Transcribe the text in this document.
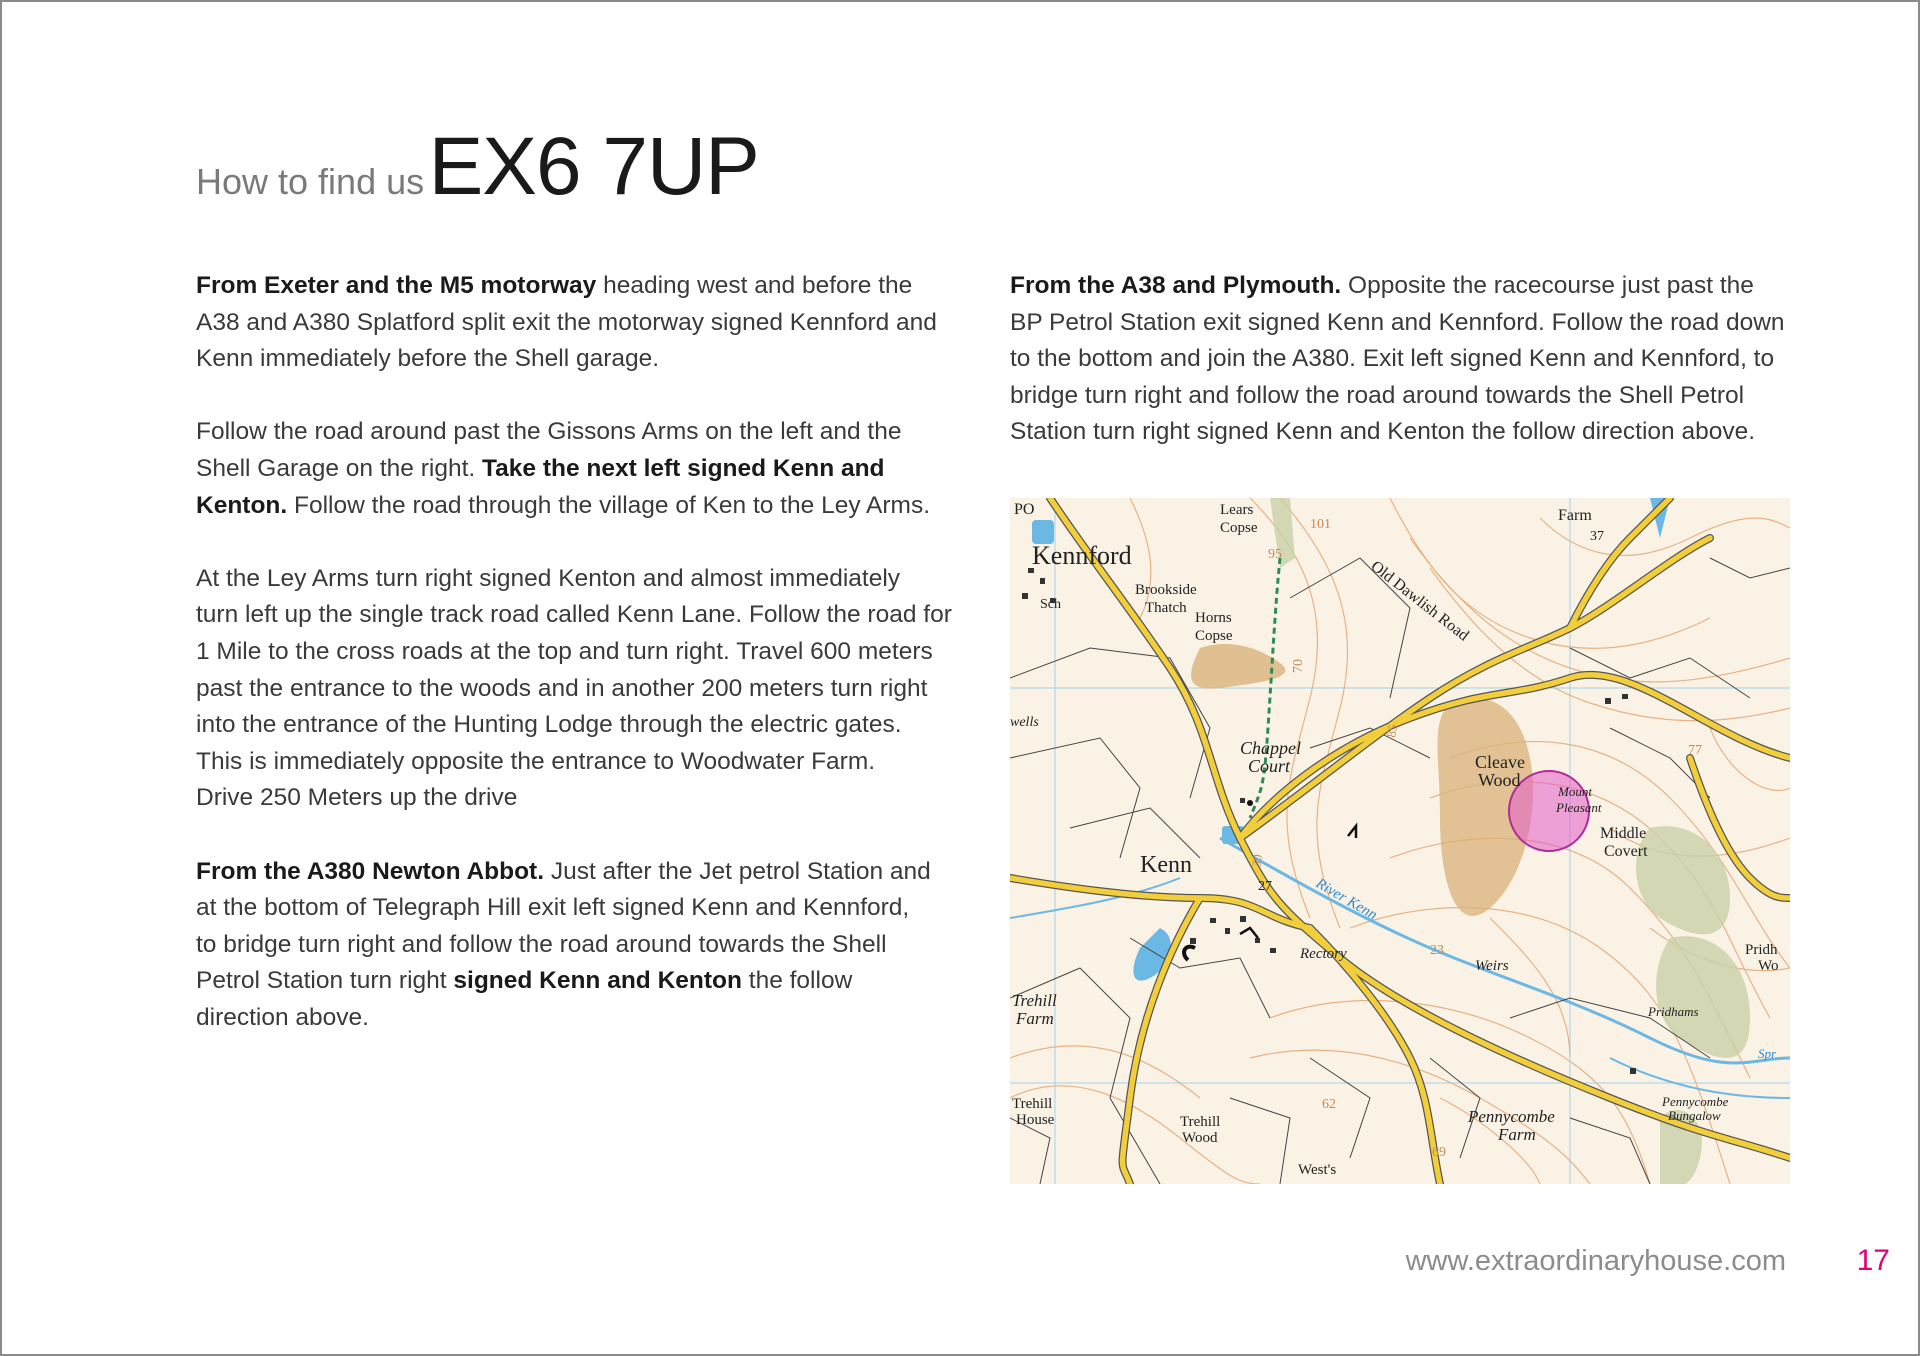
How to find us EX6 7UP

From Exeter and the M5 motorway heading west and before the
A38 and A380 Splatford split exit the motorway signed Kennford and
Kenn immediately before the Shell garage.

Follow the road around past the Gissons Arms on the left and the
Shell Garage on the right. Take the next left signed Kenn and
Kenton. Follow the road through the village of Ken to the Ley Arms.

At the Ley Arms turn right signed Kenton and almost immediately
turn left up the single track road called Kenn Lane. Follow the road for
1 Mile to the cross roads at the top and turn right. Travel 600 meters
past the entrance to the woods and in another 200 meters turn right
into the entrance of the Hunting Lodge through the electric gates.
This is immediately opposite the entrance to Woodwater Farm.
Drive 250 Meters up the drive

From the A380 Newton Abbot. Just after the Jet petrol Station and
at the bottom of Telegraph Hill exit left signed Kenn and Kennford,
to bridge turn right and follow the road around towards the Shell
Petrol Station turn right signed Kenn and Kenton the follow
direction above.

From the A38 and Plymouth. Opposite the racecourse just past the
BP Petrol Station exit signed Kenn and Kennford. Follow the road down
to the bottom and join the A380. Exit left signed Kenn and Kennford, to
bridge turn right and follow the road around towards the Shell Petrol
Station turn right signed Kenn and Kenton the follow direction above.

PO
Kennford
Sch
Lears
Copse
Brookside
Thatch
Horns
Copse	Old Dawlish Road
Farm
37
101
95
70
85
77
wells
Chappel
Court	Cleave
Wood
Mount
Pleasant
Middle
Covert
Kenn
27	River Kenn
Rectory	23
Weirs
Pridh
Wo
Trehill
Farm	Pridhams
Spr
Trehill
House	Trehill
Wood
62
69
Pennycombe
Farm
Pennycombe
Bungalow
West's
30
www.extraordinaryhouse.com 17
